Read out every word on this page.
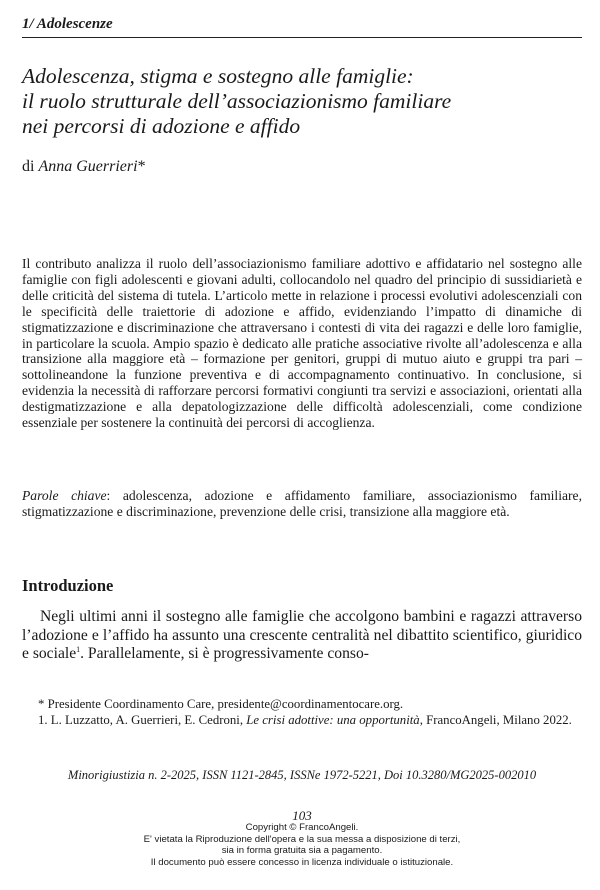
1/ Adolescenze
Adolescenza, stigma e sostegno alle famiglie:
il ruolo strutturale dell’associazionismo familiare
nei percorsi di adozione e affido
di Anna Guerrieri*

Il contributo analizza il ruolo dell’associazionismo familiare adottivo e affidatario nel sostegno alle famiglie con figli adolescenti e giovani adulti, collocandolo nel quadro del principio di sussidiarietà e delle criticità del sistema di tutela. L’articolo mette in relazione i processi evolutivi adolescenziali con le specificità delle traiettorie di adozione e affido, evidenziando l’impatto di dinamiche di stigmatizzazione e discriminazione che attraversano i contesti di vita dei ragazzi e delle loro famiglie, in particolare la scuola. Ampio spazio è dedicato alle pratiche associative rivolte all’adolescenza e alla transizione alla maggiore età – formazione per genitori, gruppi di mutuo aiuto e gruppi tra pari – sottolineandone la funzione preventiva e di accompagnamento continuativo. In conclusione, si evidenzia la necessità di rafforzare percorsi formativi congiunti tra servizi e associazioni, orientati alla destigmatizzazione e alla depatologizzazione delle difficoltà adolescenziali, come condizione essenziale per sostenere la continuità dei percorsi di accoglienza.

Parole chiave: adolescenza, adozione e affidamento familiare, associazionismo familiare, stigmatizzazione e discriminazione, prevenzione delle crisi, transizione alla maggiore età.

Introduzione

Negli ultimi anni il sostegno alle famiglie che accolgono bambini e ragazzi attraverso l’adozione e l’affido ha assunto una crescente centralità nel dibattito scientifico, giuridico e sociale$^1$. Parallelamente, si è progressivamente conso-

* Presidente Coordinamento Care, presidente@coordinamentocare.org.
1. L. Luzzatto, A. Guerrieri, E. Cedroni, Le crisi adottive: una opportunità, FrancoAngeli, Milano 2022.
Minorigiustizia n. 2-2025, ISSN 1121-2845, ISSNe 1972-5221, Doi 10.3280/MG2025-002010
103
Copyright © FrancoAngeli.
E' vietata la Riproduzione dell'opera e la sua messa a disposizione di terzi,
sia in forma gratuita sia a pagamento.
Il documento può essere concesso in licenza individuale o istituzionale.
